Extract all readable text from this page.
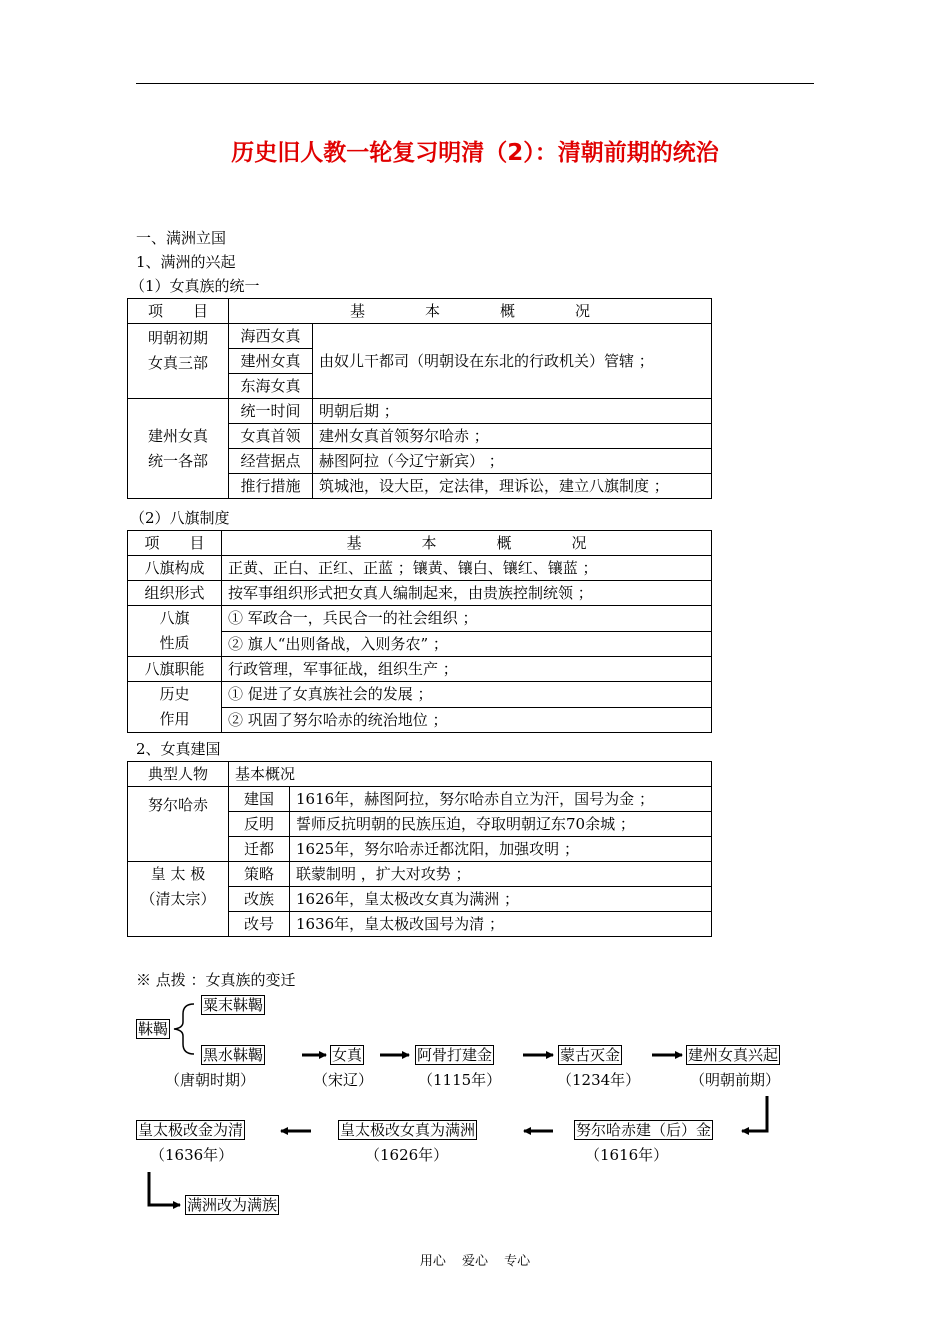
历史旧人教一轮复习明清（2）：清朝前期的统治
一、满洲立国
1、满洲的兴起
（1）女真族的统一
项　　目	基　　　　本　　　　概　　　　况	
明朝初期
女真三部	海西女真	由奴儿干都司（明朝设在东北的行政机关）管辖 ；
	建州女真	
	东海女真	
建州女真
统一各部	统一时间	明朝后期 ；
	女真首领	建州女真首领努尔哈赤 ；
	经营据点	赫图阿拉（今辽宁新宾） ；
	推行措施	筑城池，设大臣，定法律，理诉讼，建立八旗制度 ；
（2）八旗制度
项　　目	基　　　　本　　　　概　　　　况
八旗构成	正黄、正白、正红、正蓝 ；镶黄、镶白、镶红、镶蓝 ；
组织形式	按军事组织形式把女真人编制起来，由贵族控制统领 ；
八旗
性质	① 军政合一，兵民合一的社会组织 ；
	② 旗人“出则备战，入则务农” ；
八旗职能	行政管理，军事征战，组织生产 ；
历史
作用	① 促进了女真族社会的发展 ；
	② 巩固了努尔哈赤的统治地位 ；
2、女真建国
典型人物	基本概况	
努尔哈赤	建国	1616年，赫图阿拉，努尔哈赤自立为汗，国号为金 ；
	反明	誓师反抗明朝的民族压迫，夺取明朝辽东70余城 ；
	迁都	1625年，努尔哈赤迁都沈阳，加强攻明 ；
皇 太 极
（清太宗）	策略	联蒙制明 ，扩大对攻势 ；
	改族	1626年，皇太极改女真为满洲 ；
	改号	1636年，皇太极改国号为清 ；
※ 点拨 ：女真族的变迁
靺鞨
粟末靺鞨
黑水靺鞨	女真	阿骨打建金	蒙古灭金	建州女真兴起
努尔哈赤建（后）金
皇太极改女真为满洲
皇太极改金为清
满洲改为满族
（唐朝时期）	（宋辽）	（1115年）	（1234年）	（明朝前期）
（1616年）
（1626年）
（1636年）
用心 爱心 专心
